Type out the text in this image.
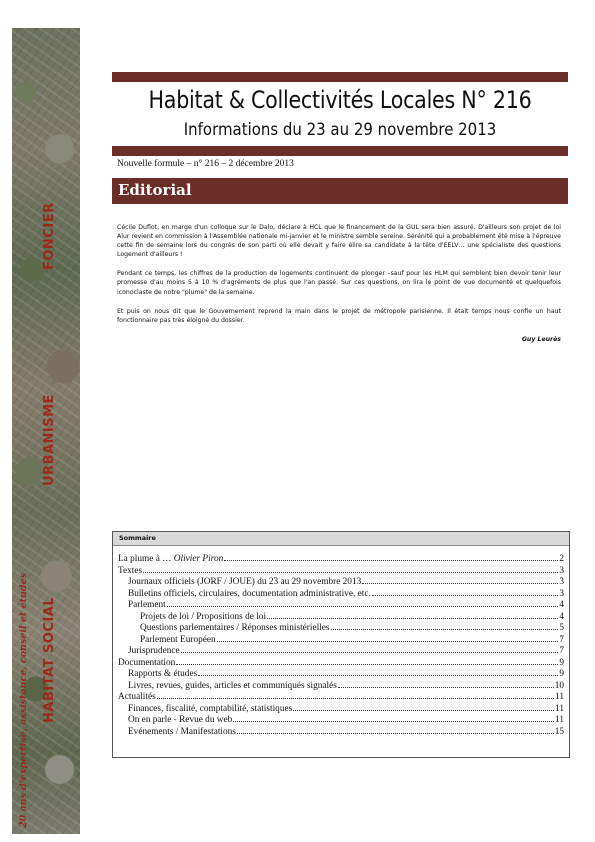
FONCIER
URBANISME
HABITAT SOCIAL
20 ans d'expertise, assistance, conseil et études
Habitat & Collectivités Locales N° 216
Informations du 23 au 29 novembre 2013
Nouvelle formule – n° 216 – 2 décembre 2013
Editorial

Cécile Duflot, en marge d'un colloque sur le Dalo, déclare à HCL que le financement de la GUL sera bien assuré. D'ailleurs son projet de loi Alur revient en commission à l'Assemblée nationale mi-janvier et le ministre semble sereine. Sérénité qui a probablement été mise à l'épreuve cette fin de semaine lors du congrès de son parti où elle devait y faire élire sa candidate à la tête d'EELV… une spécialiste des questions Logement d'ailleurs !

Pendant ce temps, les chiffres de la production de logements continuent de plonger –sauf pour les HLM qui semblent bien devoir tenir leur promesse d'au moins 5 à 10 % d'agréments de plus que l'an passé. Sur ces questions, on lira le point de vue documenté et quelquefois iconoclaste de notre "plume" de la semaine.

Et puis on nous dit que le Gouvernement reprend la main dans le projet de métropole parisienne. Il était temps nous confie un haut fonctionnaire pas très éloigné du dossier.

Guy Leurès
Sommaire
La plume à … Olivier Piron	2
Textes	3
Journaux officiels (JORF / JOUE) du 23 au 29 novembre 2013	3
Bulletins officiels, circulaires, documentation administrative, etc.	3
Parlement	4
Projets de loi / Propositions de loi	4
Questions parlementaires / Réponses ministérielles	5
Parlement Européen	7
Jurisprudence	7
Documentation	9
Rapports & études	9
Livres, revues, guides, articles et communiqués signalés	10
Actualités	11
Finances, fiscalité, comptabilité, statistiques	11
On en parle - Revue du web	11
Evénements / Manifestations	15
